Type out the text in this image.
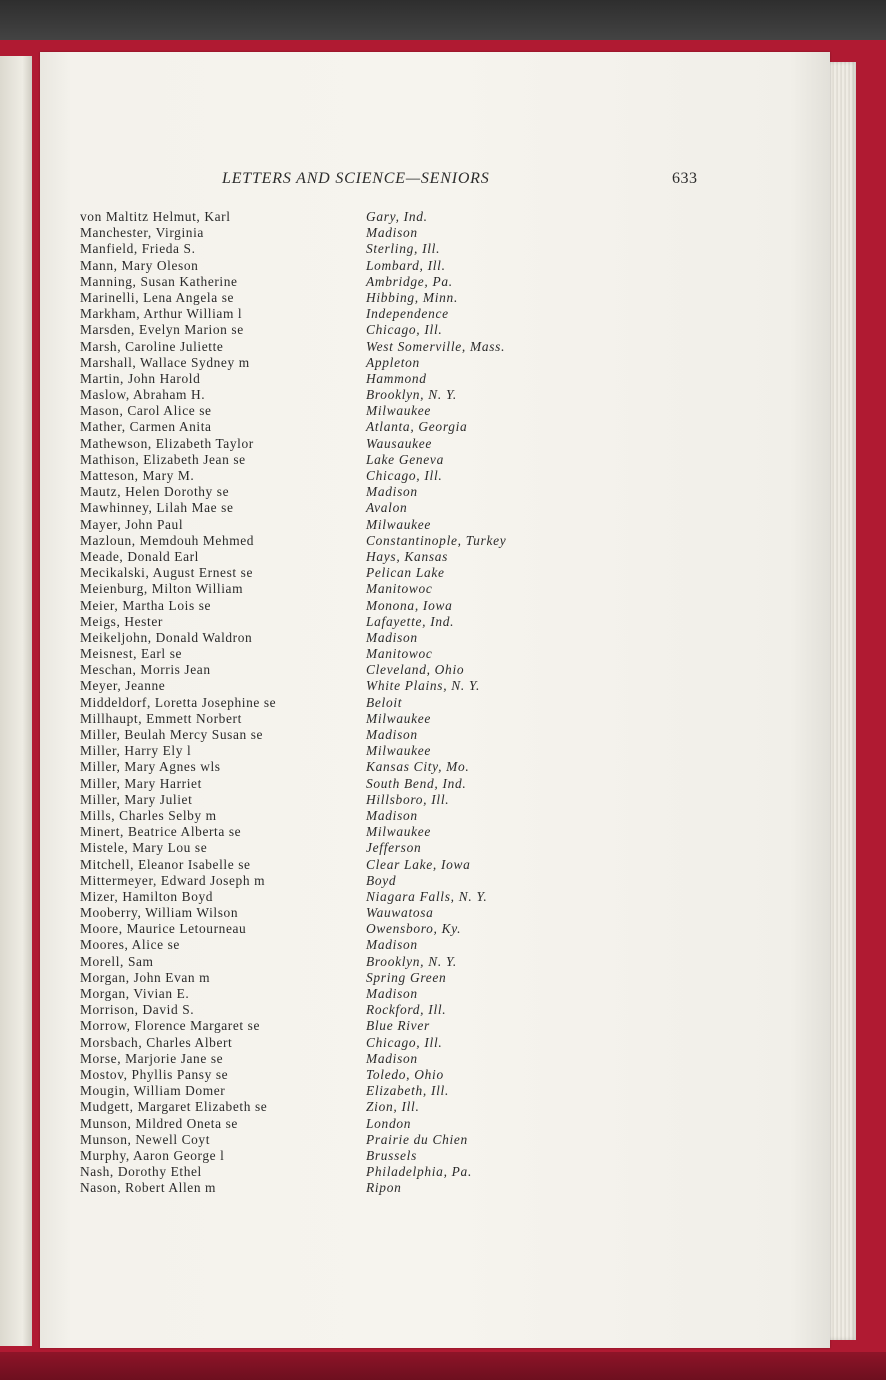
LETTERS AND SCIENCE—SENIORS	633
von Maltitz Helmut, Karl	Gary, Ind.
Manchester, Virginia	Madison
Manfield, Frieda S.	Sterling, Ill.
Mann, Mary Oleson	Lombard, Ill.
Manning, Susan Katherine	Ambridge, Pa.
Marinelli, Lena Angela se	Hibbing, Minn.
Markham, Arthur William l	Independence
Marsden, Evelyn Marion se	Chicago, Ill.
Marsh, Caroline Juliette	West Somerville, Mass.
Marshall, Wallace Sydney m	Appleton
Martin, John Harold	Hammond
Maslow, Abraham H.	Brooklyn, N. Y.
Mason, Carol Alice se	Milwaukee
Mather, Carmen Anita	Atlanta, Georgia
Mathewson, Elizabeth Taylor	Wausaukee
Mathison, Elizabeth Jean se	Lake Geneva
Matteson, Mary M.	Chicago, Ill.
Mautz, Helen Dorothy se	Madison
Mawhinney, Lilah Mae se	Avalon
Mayer, John Paul	Milwaukee
Mazloun, Memdouh Mehmed	Constantinople, Turkey
Meade, Donald Earl	Hays, Kansas
Mecikalski, August Ernest se	Pelican Lake
Meienburg, Milton William	Manitowoc
Meier, Martha Lois se	Monona, Iowa
Meigs, Hester	Lafayette, Ind.
Meikeljohn, Donald Waldron	Madison
Meisnest, Earl se	Manitowoc
Meschan, Morris Jean	Cleveland, Ohio
Meyer, Jeanne	White Plains, N. Y.
Middeldorf, Loretta Josephine se	Beloit
Millhaupt, Emmett Norbert	Milwaukee
Miller, Beulah Mercy Susan se	Madison
Miller, Harry Ely l	Milwaukee
Miller, Mary Agnes wls	Kansas City, Mo.
Miller, Mary Harriet	South Bend, Ind.
Miller, Mary Juliet	Hillsboro, Ill.
Mills, Charles Selby m	Madison
Minert, Beatrice Alberta se	Milwaukee
Mistele, Mary Lou se	Jefferson
Mitchell, Eleanor Isabelle se	Clear Lake, Iowa
Mittermeyer, Edward Joseph m	Boyd
Mizer, Hamilton Boyd	Niagara Falls, N. Y.
Mooberry, William Wilson	Wauwatosa
Moore, Maurice Letourneau	Owensboro, Ky.
Moores, Alice se	Madison
Morell, Sam	Brooklyn, N. Y.
Morgan, John Evan m	Spring Green
Morgan, Vivian E.	Madison
Morrison, David S.	Rockford, Ill.
Morrow, Florence Margaret se	Blue River
Morsbach, Charles Albert	Chicago, Ill.
Morse, Marjorie Jane se	Madison
Mostov, Phyllis Pansy se	Toledo, Ohio
Mougin, William Domer	Elizabeth, Ill.
Mudgett, Margaret Elizabeth se	Zion, Ill.
Munson, Mildred Oneta se	London
Munson, Newell Coyt	Prairie du Chien
Murphy, Aaron George l	Brussels
Nash, Dorothy Ethel	Philadelphia, Pa.
Nason, Robert Allen m	Ripon
